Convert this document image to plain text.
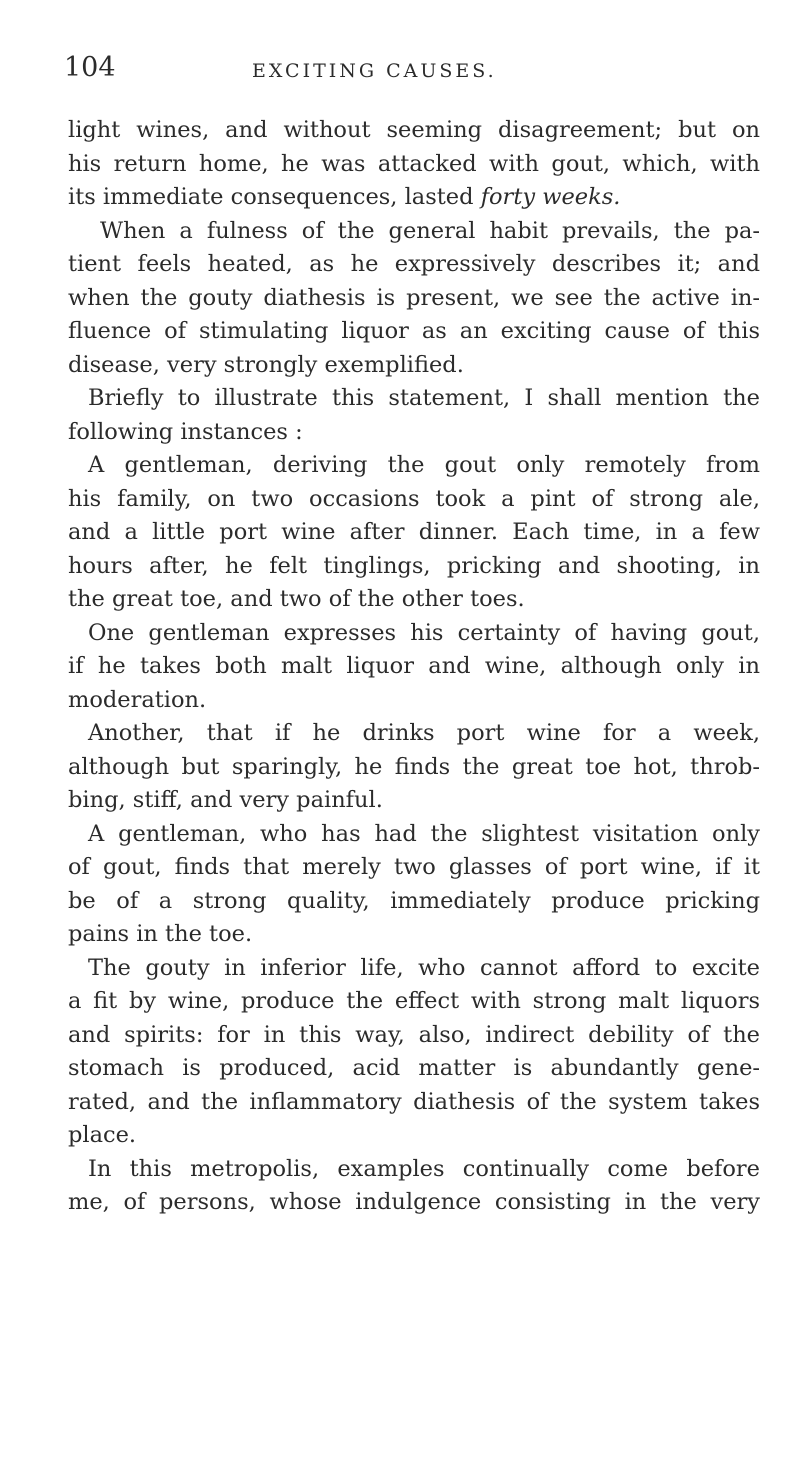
104	EXCITING CAUSES.
light wines, and without seeming disagreement; but on
his return home, he was attacked with gout, which, with
its immediate consequences, lasted forty weeks.
When a fulness of the general habit prevails, the pa-
tient feels heated, as he expressively describes it; and
when the gouty diathesis is present, we see the active in-
fluence of stimulating liquor as an exciting cause of this
disease, very strongly exemplified.
Briefly to illustrate this statement, I shall mention the
following instances :
A gentleman, deriving the gout only remotely from
his family, on two occasions took a pint of strong ale,
and a little port wine after dinner. Each time, in a few
hours after, he felt tinglings, pricking and shooting, in
the great toe, and two of the other toes.
One gentleman expresses his certainty of having gout,
if he takes both malt liquor and wine, although only in
moderation.
Another, that if he drinks port wine for a week,
although but sparingly, he finds the great toe hot, throb-
bing, stiff, and very painful.
A gentleman, who has had the slightest visitation only
of gout, finds that merely two glasses of port wine, if it
be of a strong quality, immediately produce pricking
pains in the toe.
The gouty in inferior life, who cannot afford to excite
a fit by wine, produce the effect with strong malt liquors
and spirits: for in this way, also, indirect debility of the
stomach is produced, acid matter is abundantly gene-
rated, and the inflammatory diathesis of the system takes
place.
In this metropolis, examples continually come before
me, of persons, whose indulgence consisting in the very
